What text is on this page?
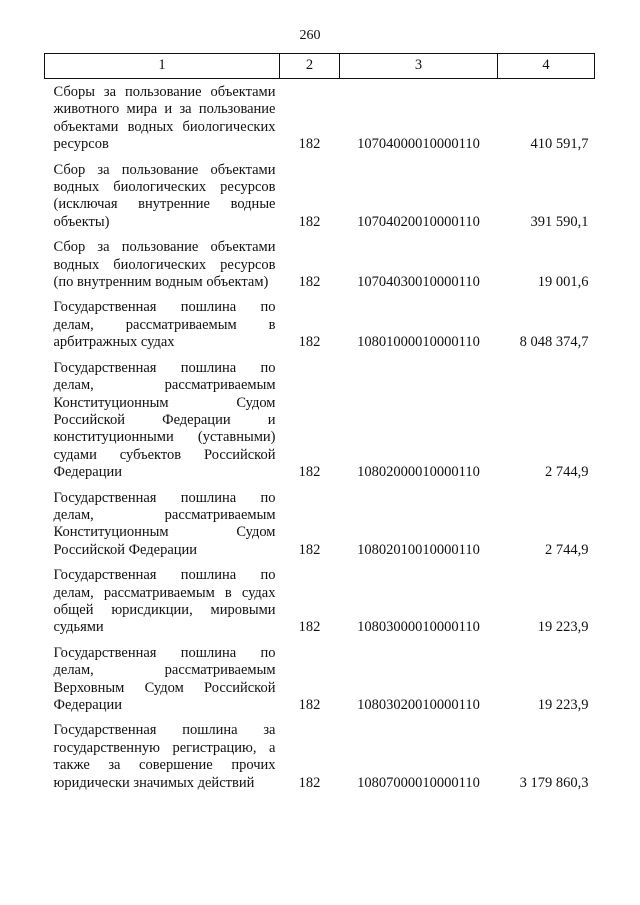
260
1	2	3	4
Сборы за пользование объектами животного мира и за пользование объектами водных биологических ресурсов	182	10704000010000110	410 591,7
Сбор за пользование объектами водных биологических ресурсов (исключая внутренние водные объекты)	182	10704020010000110	391 590,1
Сбор за пользование объектами водных биологических ресурсов (по внутренним водным объектам)	182	10704030010000110	19 001,6
Государственная пошлина по делам, рассматриваемым в арбитражных судах	182	10801000010000110	8 048 374,7
Государственная пошлина по делам, рассматриваемым Конституционным Судом Российской Федерации и конституционными (уставными) судами субъектов Российской Федерации	182	10802000010000110	2 744,9
Государственная пошлина по делам, рассматриваемым Конституционным Судом Российской Федерации	182	10802010010000110	2 744,9
Государственная пошлина по делам, рассматриваемым в судах общей юрисдикции, мировыми судьями	182	10803000010000110	19 223,9
Государственная пошлина по делам, рассматриваемым Верховным Судом Российской Федерации	182	10803020010000110	19 223,9
Государственная пошлина за государственную регистрацию, а также за совершение прочих юридически значимых действий	182	10807000010000110	3 179 860,3
